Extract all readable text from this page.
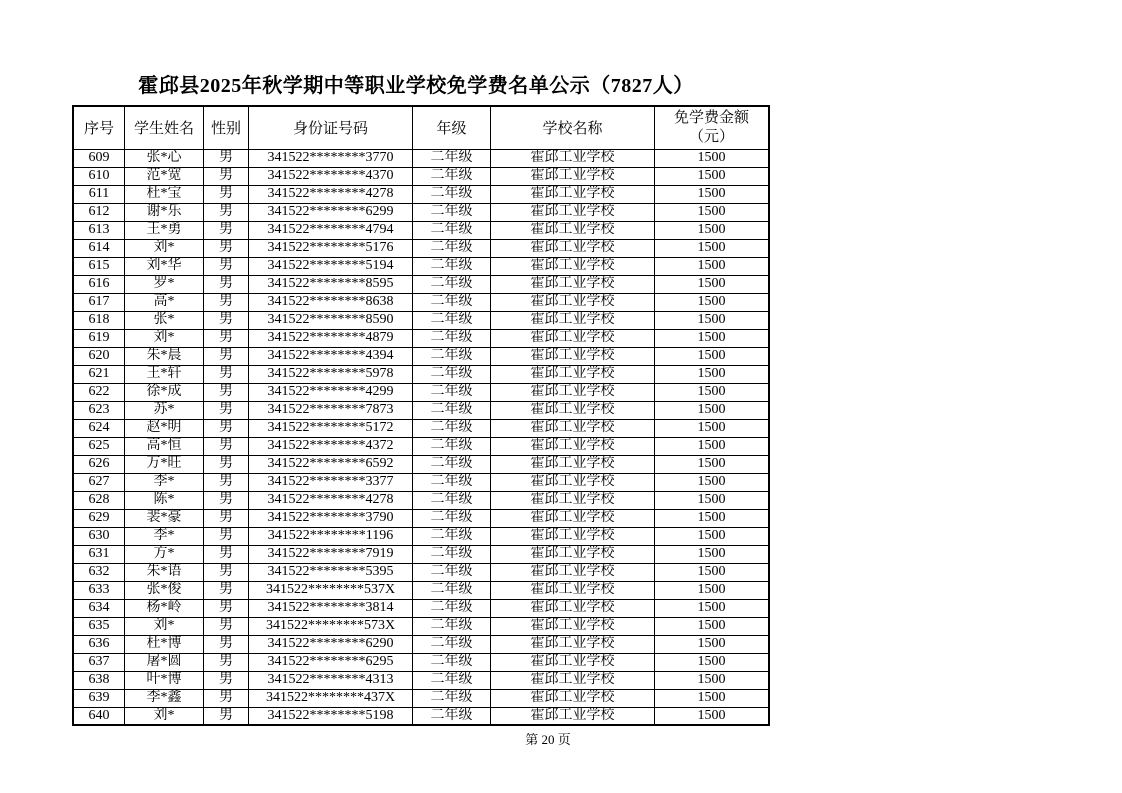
霍邱县2025年秋学期中等职业学校免学费名单公示（7827人）
序号	学生姓名	性别	身份证号码	年级	学校名称	免学费金额
（元）

609	张*心	男	341522********3770	二年级	霍邱工业学校	1500
610	范*宽	男	341522********4370	二年级	霍邱工业学校	1500
611	杜*宝	男	341522********4278	二年级	霍邱工业学校	1500
612	谢*乐	男	341522********6299	二年级	霍邱工业学校	1500
613	王*勇	男	341522********4794	二年级	霍邱工业学校	1500
614	刘*	男	341522********5176	二年级	霍邱工业学校	1500
615	刘*华	男	341522********5194	二年级	霍邱工业学校	1500
616	罗*	男	341522********8595	二年级	霍邱工业学校	1500
617	高*	男	341522********8638	二年级	霍邱工业学校	1500
618	张*	男	341522********8590	二年级	霍邱工业学校	1500
619	刘*	男	341522********4879	二年级	霍邱工业学校	1500
620	朱*晨	男	341522********4394	二年级	霍邱工业学校	1500
621	王*轩	男	341522********5978	二年级	霍邱工业学校	1500
622	徐*成	男	341522********4299	二年级	霍邱工业学校	1500
623	苏*	男	341522********7873	二年级	霍邱工业学校	1500
624	赵*明	男	341522********5172	二年级	霍邱工业学校	1500
625	高*恒	男	341522********4372	二年级	霍邱工业学校	1500
626	万*旺	男	341522********6592	二年级	霍邱工业学校	1500
627	李*	男	341522********3377	二年级	霍邱工业学校	1500
628	陈*	男	341522********4278	二年级	霍邱工业学校	1500
629	裴*豪	男	341522********3790	二年级	霍邱工业学校	1500
630	李*	男	341522********1196	二年级	霍邱工业学校	1500
631	方*	男	341522********7919	二年级	霍邱工业学校	1500
632	朱*语	男	341522********5395	二年级	霍邱工业学校	1500
633	张*俊	男	341522********537X	二年级	霍邱工业学校	1500
634	杨*岭	男	341522********3814	二年级	霍邱工业学校	1500
635	刘*	男	341522********573X	二年级	霍邱工业学校	1500
636	杜*博	男	341522********6290	二年级	霍邱工业学校	1500
637	屠*圆	男	341522********6295	二年级	霍邱工业学校	1500
638	叶*博	男	341522********4313	二年级	霍邱工业学校	1500
639	李*鑫	男	341522********437X	二年级	霍邱工业学校	1500
640	刘*	男	341522********5198	二年级	霍邱工业学校	1500
第 20 页
